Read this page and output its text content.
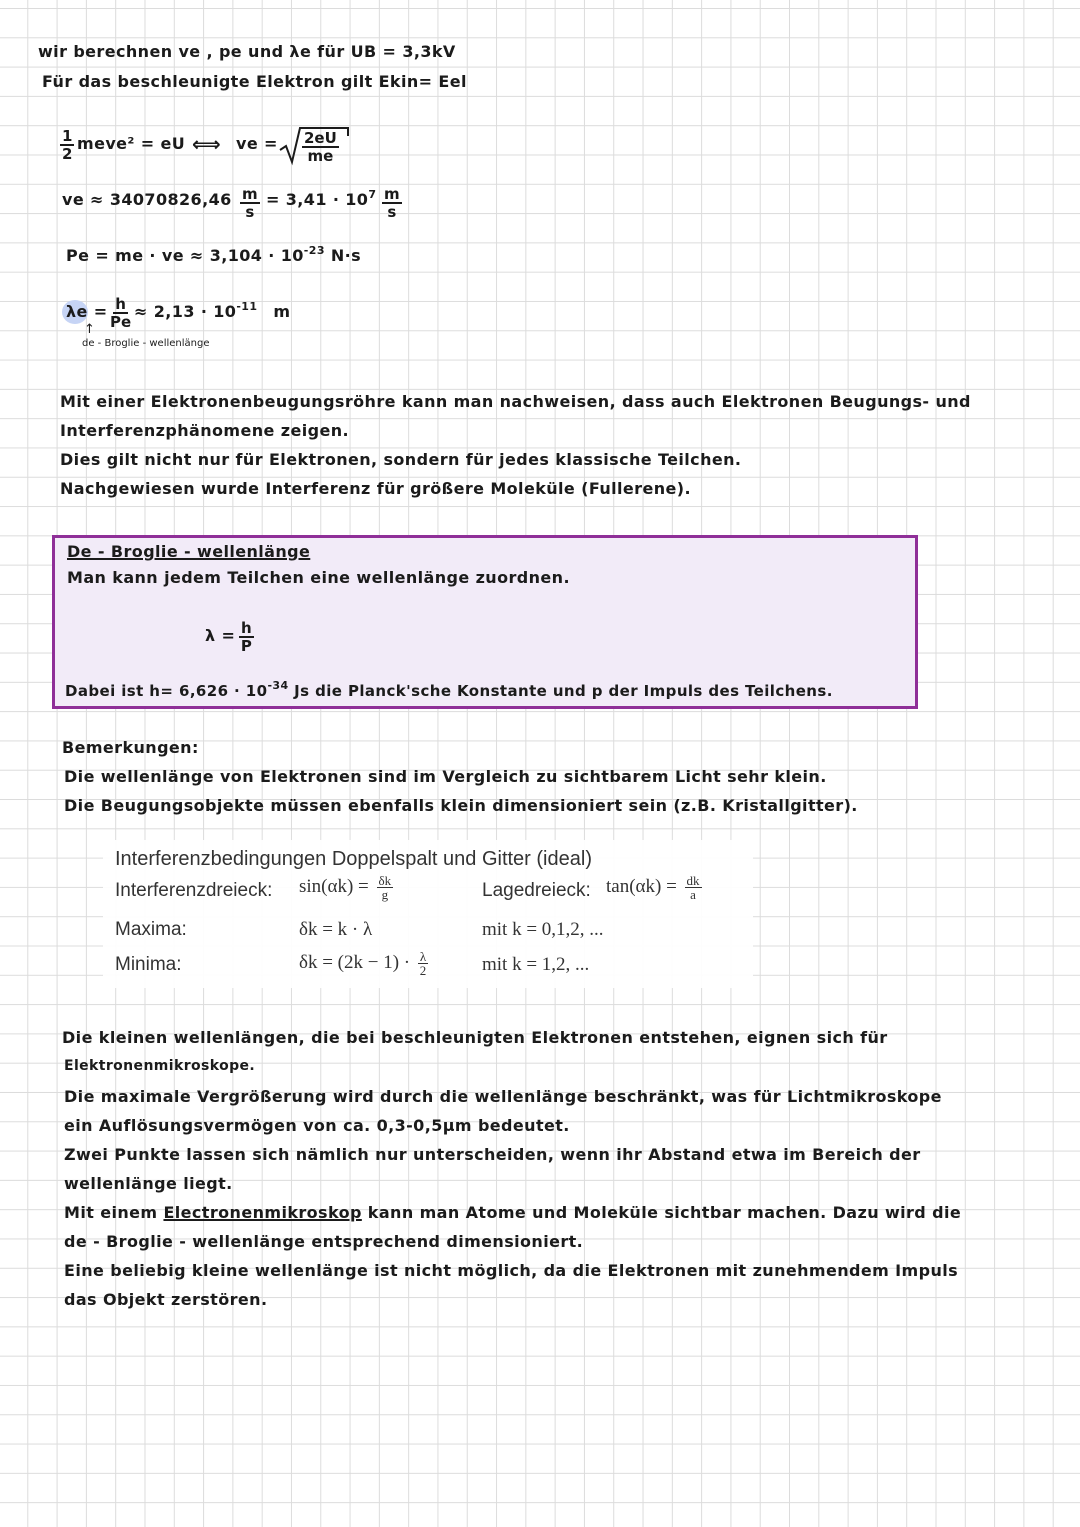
wir berechnen ve , pe und λe für UB = 3,3kV
Für das beschleunigte Elektron gilt Ekin= Eel
$\frac{1}{2}$ meve² = eU ⟺ ve = $\frac{2eU}{me}$
ve ≈ $34070826,46 \frac{m}{s} = 3,41 \cdot 10^7 \frac{m}{s}$
Pe = me · ve ≈ $3,104 \cdot 10^{-23}$ N·s
$\lambda e = \frac{h}{Pe} \approx 2,13 \cdot 10^{-11}$ m
↑
de - Broglie - wellenlänge
Mit einer Elektronenbeugungsröhre kann man nachweisen, dass auch Elektronen Beugungs- und
Interferenzphänomene zeigen.
Dies gilt nicht nur für Elektronen, sondern für jedes klassische Teilchen.
Nachgewiesen wurde Interferenz für größere Moleküle (Fullerene).
De - Broglie - wellenlänge
Man kann jedem Teilchen eine wellenlänge zuordnen.
$\lambda = \frac{h}{P}$
Dabei ist $h= 6,626 \cdot 10^{-34}$ Js die Planck'sche Konstante und p der Impuls des Teilchens.
Bemerkungen:
Die wellenlänge von Elektronen sind im Vergleich zu sichtbarem Licht sehr klein.
Die Beugungsobjekte müssen ebenfalls klein dimensioniert sein (z.B. Kristallgitter).
Interferenzbedingungen Doppelspalt und Gitter (ideal)
Interferenzdreieck: $\sin(\alpha k) = \frac{\delta k}{g}$	Lagedreieck: $\tan(\alpha k) = \frac{dk}{a}$
Maxima:	δk = k · λ	mit k = 0,1,2, ...
Minima:	$\delta k = (2k - 1) \cdot \frac{\lambda}{2}$	mit k = 1,2, ...
Die kleinen wellenlängen, die bei beschleunigten Elektronen entstehen, eignen sich für
Elektronenmikroskope.
Die maximale Vergrößerung wird durch die wellenlänge beschränkt, was für Lichtmikroskope
ein Auflösungsvermögen von ca. 0,3-0,5μm bedeutet.
Zwei Punkte lassen sich nämlich nur unterscheiden, wenn ihr Abstand etwa im Bereich der
wellenlänge liegt.
Mit einem Electronenmikroskop kann man Atome und Moleküle sichtbar machen. Dazu wird die
de - Broglie - wellenlänge entsprechend dimensioniert.
Eine beliebig kleine wellenlänge ist nicht möglich, da die Elektronen mit zunehmendem Impuls
das Objekt zerstören.
